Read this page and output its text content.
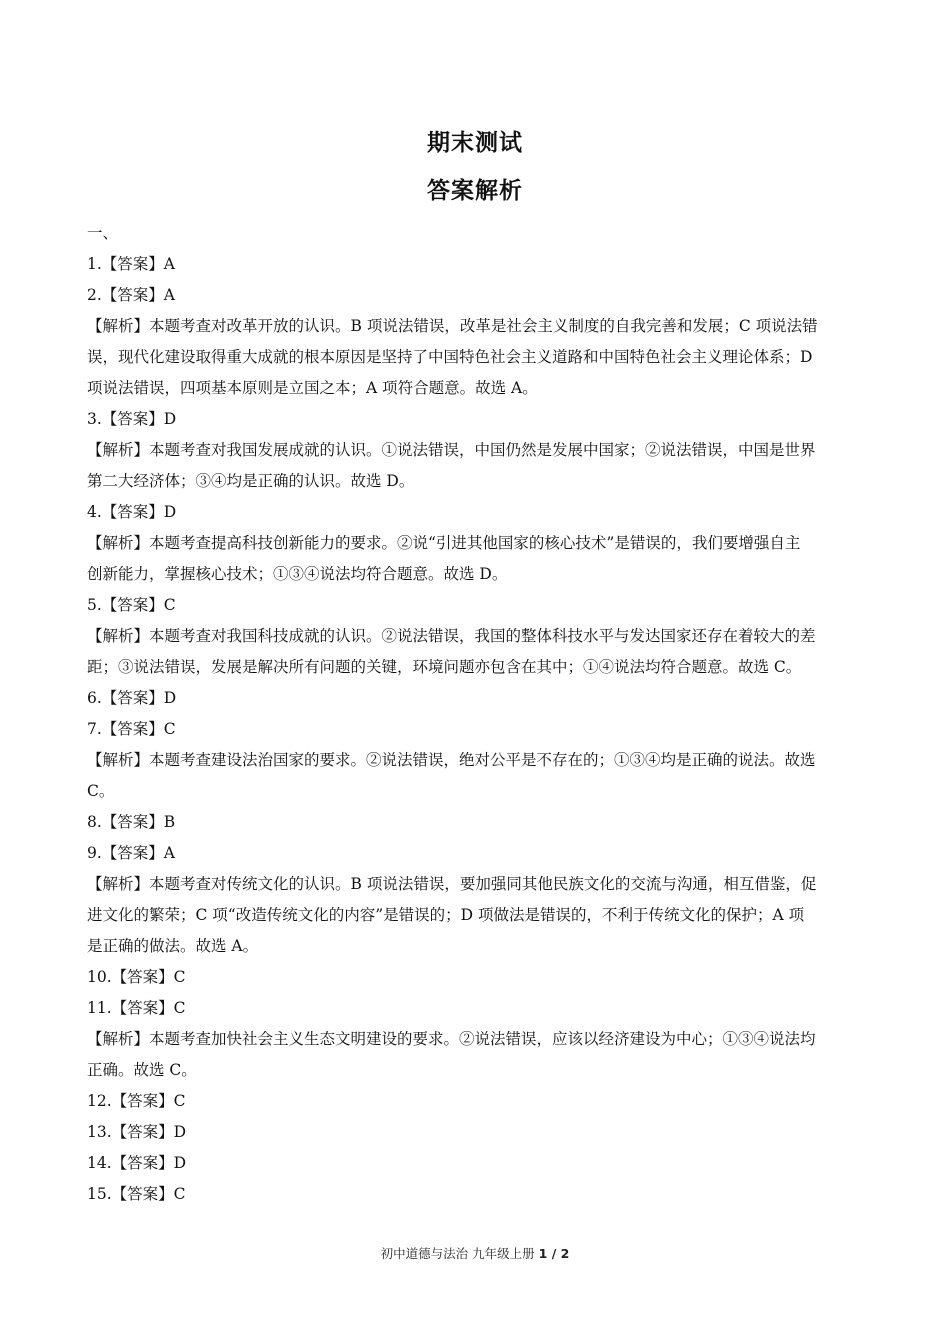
期末测试
答案解析

一、

1.【答案】A

2.【答案】A

【解析】本题考查对改革开放的认识。B 项说法错误，改革是社会主义制度的自我完善和发展；C 项说法错

误，现代化建设取得重大成就的根本原因是坚持了中国特色社会主义道路和中国特色社会主义理论体系；D

项说法错误，四项基本原则是立国之本；A 项符合题意。故选 A。

3.【答案】D

【解析】本题考查对我国发展成就的认识。①说法错误，中国仍然是发展中国家；②说法错误，中国是世界

第二大经济体；③④均是正确的认识。故选 D。

4.【答案】D

【解析】本题考查提高科技创新能力的要求。②说“引进其他国家的核心技术”是错误的，我们要增强自主

创新能力，掌握核心技术；①③④说法均符合题意。故选 D。

5.【答案】C

【解析】本题考查对我国科技成就的认识。②说法错误，我国的整体科技水平与发达国家还存在着较大的差

距；③说法错误，发展是解决所有问题的关键，环境问题亦包含在其中；①④说法均符合题意。故选 C。

6.【答案】D

7.【答案】C

【解析】本题考查建设法治国家的要求。②说法错误，绝对公平是不存在的；①③④均是正确的说法。故选

C。

8.【答案】B

9.【答案】A

【解析】本题考查对传统文化的认识。B 项说法错误，要加强同其他民族文化的交流与沟通，相互借鉴，促

进文化的繁荣；C 项“改造传统文化的内容”是错误的；D 项做法是错误的，不利于传统文化的保护；A 项

是正确的做法。故选 A。

10.【答案】C

11.【答案】C

【解析】本题考查加快社会主义生态文明建设的要求。②说法错误，应该以经济建设为中心；①③④说法均

正确。故选 C。

12.【答案】C

13.【答案】D

14.【答案】D

15.【答案】C

初中道德与法治 九年级上册 1 / 2
